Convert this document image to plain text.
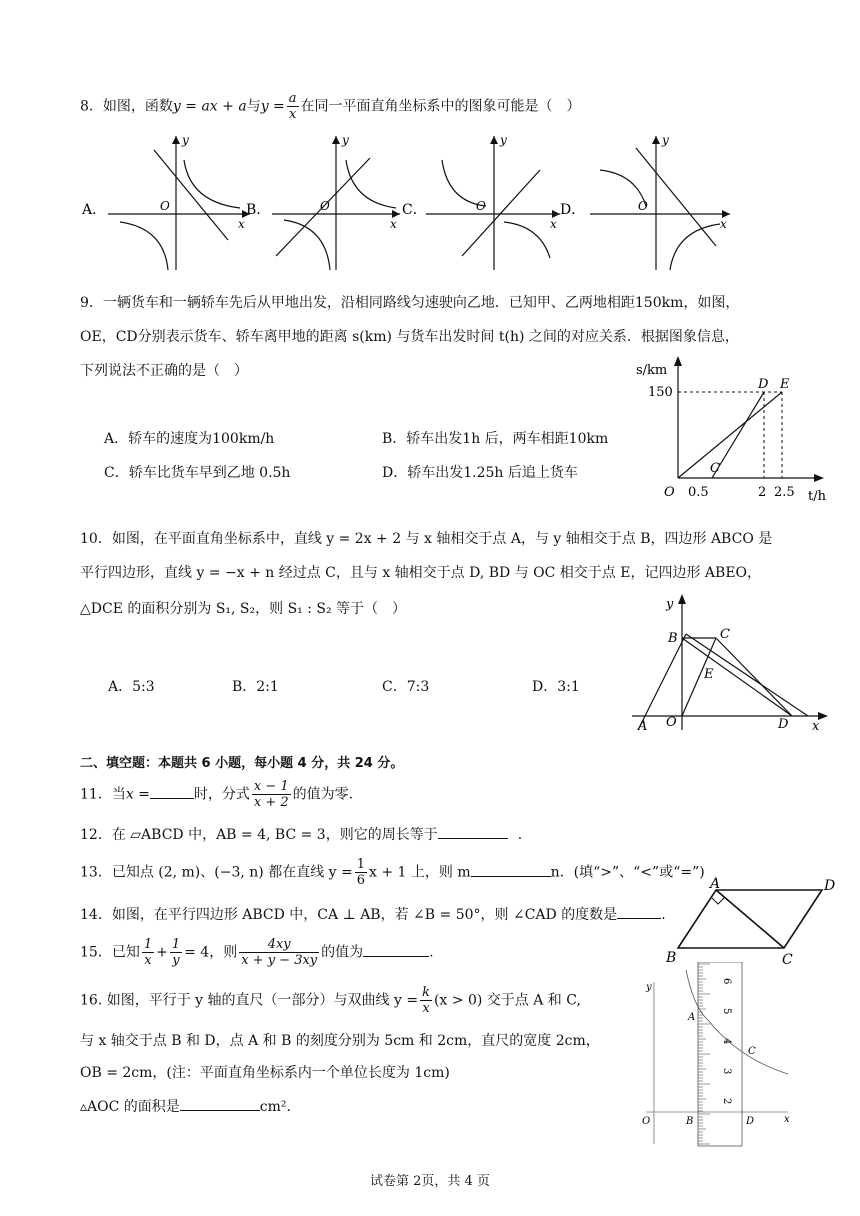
8．如图，函数y = ax + a与$y = \frac{a}{x}$ 在同一平面直角坐标系中的图象可能是（　）
A．
y
x
O	B．
y
x
O	C．
y
x
O	D．
y
x
O
9．一辆货车和一辆轿车先后从甲地出发，沿相同路线匀速驶向乙地．已知甲、乙两地相距150km，如图，
OE，CD分别表示货车、轿车离甲地的距离 s(km) 与货车出发时间 t(h) 之间的对应关系．根据图象信息，
下列说法不正确的是（　）
A．轿车的速度为100km/h	B．轿车出发1h 后，两车相距10km
C．轿车比货车早到乙地 0.5h	D．轿车出发1.25h 后追上货车
s/km
t/h
150
O 0.5	2 2.5
D E
C
10．如图，在平面直角坐标系中，直线 y = 2x + 2 与 x 轴相交于点 A，与 y 轴相交于点 B，四边形 ABCO 是
平行四边形，直线 y = −x + n 经过点 C，且与 x 轴相交于点 D, BD 与 OC 相交于点 E，记四边形 ABEO，
△DCE 的面积分别为 S₁, S₂，则 S₁ : S₂ 等于（　）
A．5:3	B．2:1	C．7:3	D．3:1
y
x
A O
B	C
D
E
二、填空题：本题共 6 小题，每小题 4 分，共 24 分。
11．当x =	时，分式 $\frac{x - 1}{x + 2}$ 的值为零.
12．在 ▱ABCD 中，AB = 4, BC = 3，则它的周长等于	.
13．已知点 (2, m)、(−3, n) 都在直线 $y = \frac{1}{6}$ x + 1 上，则 m	n．(填“>”、“<”或“=”)
14．如图，在平行四边形 ABCD 中，CA ⊥ AB，若 ∠B = 50°，则 ∠CAD 的度数是	.
A	D
B	C
15．已知 $\frac{1}{x} + \frac{1}{y} = 4$，则 $\frac{4xy}{x + y - 3xy}$ 的值为	.
16. 如图，平行于 y 轴的直尺（一部分）与双曲线 $y = \frac{k}{x} (x > 0)$ 交于点 A 和 C,
与 x 轴交于点 B 和 D，点 A 和 B 的刻度分别为 5cm 和 2cm，直尺的宽度 2cm，
OB = 2cm，(注：平面直角坐标系内一个单位长度为 1cm)
▵AOC 的面积是	cm².
y
x
O
2
3
4
5
6
A
C
B	D
试卷第 2页，共 4 页
